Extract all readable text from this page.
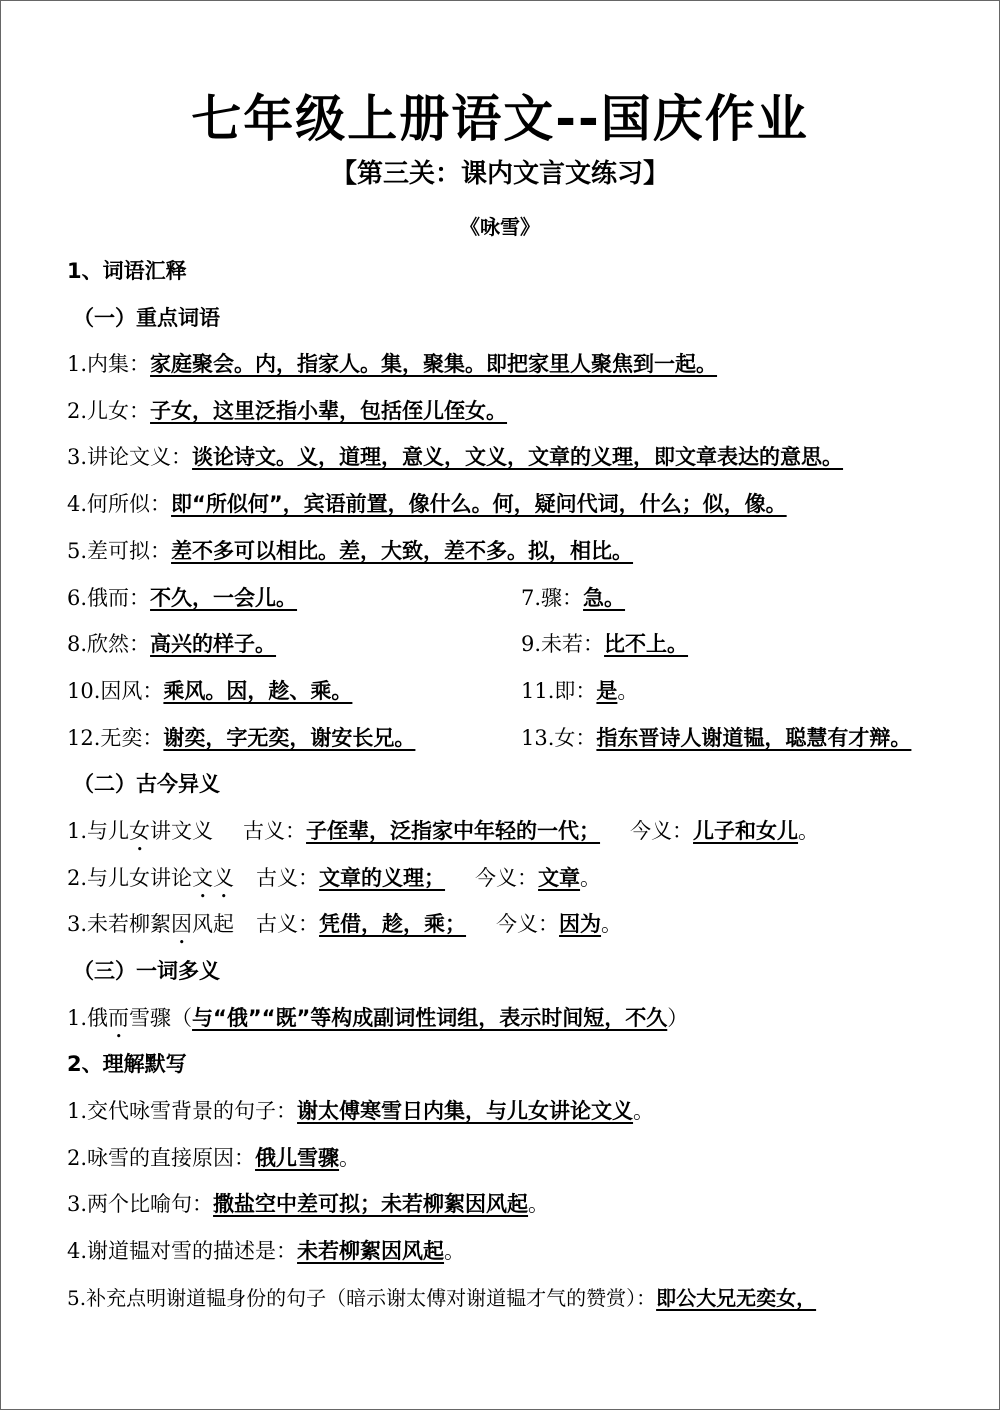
七年级上册语文--国庆作业
【第三关：课内文言文练习】
《咏雪》
1、词语汇释
（一）重点词语
1.内集：家庭聚会。内，指家人。集，聚集。即把家里人聚焦到一起。
2.儿女：子女，这里泛指小辈，包括侄儿侄女。
3.讲论文义：谈论诗文。义，道理，意义，文义，文章的义理，即文章表达的意思。
4.何所似：即“所似何”，宾语前置，像什么。何，疑问代词，什么；似，像。
5.差可拟：差不多可以相比。差，大致，差不多。拟，相比。
6.俄而：不久，一会儿。	7.骤：急。
8.欣然：高兴的样子。	9.未若：比不上。
10.因风：乘风。因，趁、乘。	11.即：是。
12.无奕：谢奕，字无奕，谢安长兄。	13.女：指东晋诗人谢道韫，聪慧有才辩。
（二）古今异义
1.与儿女讲文义 古义：子侄辈，泛指家中年轻的一代； 今义：儿子和女儿。
2.与儿女讲论文义 古义：文章的义理； 今义：文章。
3.未若柳絮因风起 古义：凭借，趁，乘； 今义：因为。
（三）一词多义
1.俄而雪骤（与“俄”“既”等构成副词性词组，表示时间短，不久）
2、理解默写
1.交代咏雪背景的句子：谢太傅寒雪日内集，与儿女讲论文义。
2.咏雪的直接原因：俄儿雪骤。
3.两个比喻句：撒盐空中差可拟；未若柳絮因风起。
4.谢道韫对雪的描述是：未若柳絮因风起。
5.补充点明谢道韫身份的句子（暗示谢太傅对谢道韫才气的赞赏）：即公大兄无奕女，
